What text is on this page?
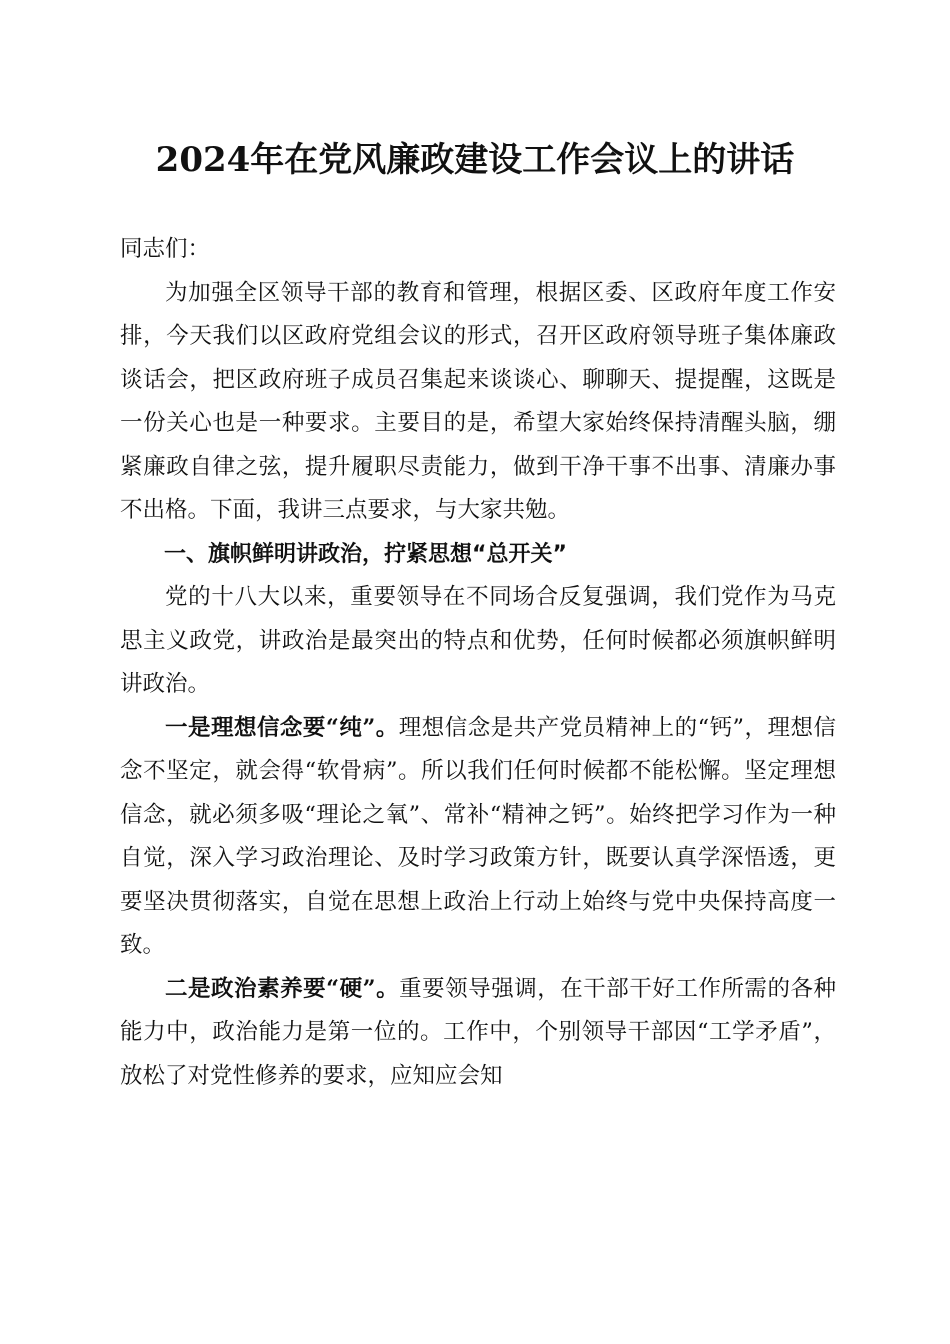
2024年在党风廉政建设工作会议上的讲话

同志们：

为加强全区领导干部的教育和管理，根据区委、区政府年度工作安排，今天我们以区政府党组会议的形式，召开区政府领导班子集体廉政谈话会，把区政府班子成员召集起来谈谈心、聊聊天、提提醒，这既是一份关心也是一种要求。主要目的是，希望大家始终保持清醒头脑，绷紧廉政自律之弦，提升履职尽责能力，做到干净干事不出事、清廉办事不出格。下面，我讲三点要求，与大家共勉。

一、旗帜鲜明讲政治，拧紧思想“总开关”

党的十八大以来，重要领导在不同场合反复强调，我们党作为马克思主义政党，讲政治是最突出的特点和优势，任何时候都必须旗帜鲜明讲政治。

一是理想信念要“纯”。理想信念是共产党员精神上的“钙”，理想信念不坚定，就会得“软骨病”。所以我们任何时候都不能松懈。坚定理想信念，就必须多吸“理论之氧”、常补“精神之钙”。始终把学习作为一种自觉，深入学习政治理论、及时学习政策方针，既要认真学深悟透，更要坚决贯彻落实，自觉在思想上政治上行动上始终与党中央保持高度一致。

二是政治素养要“硬”。重要领导强调，在干部干好工作所需的各种能力中，政治能力是第一位的。工作中，个别领导干部因“工学矛盾”，放松了对党性修养的要求，应知应会知
